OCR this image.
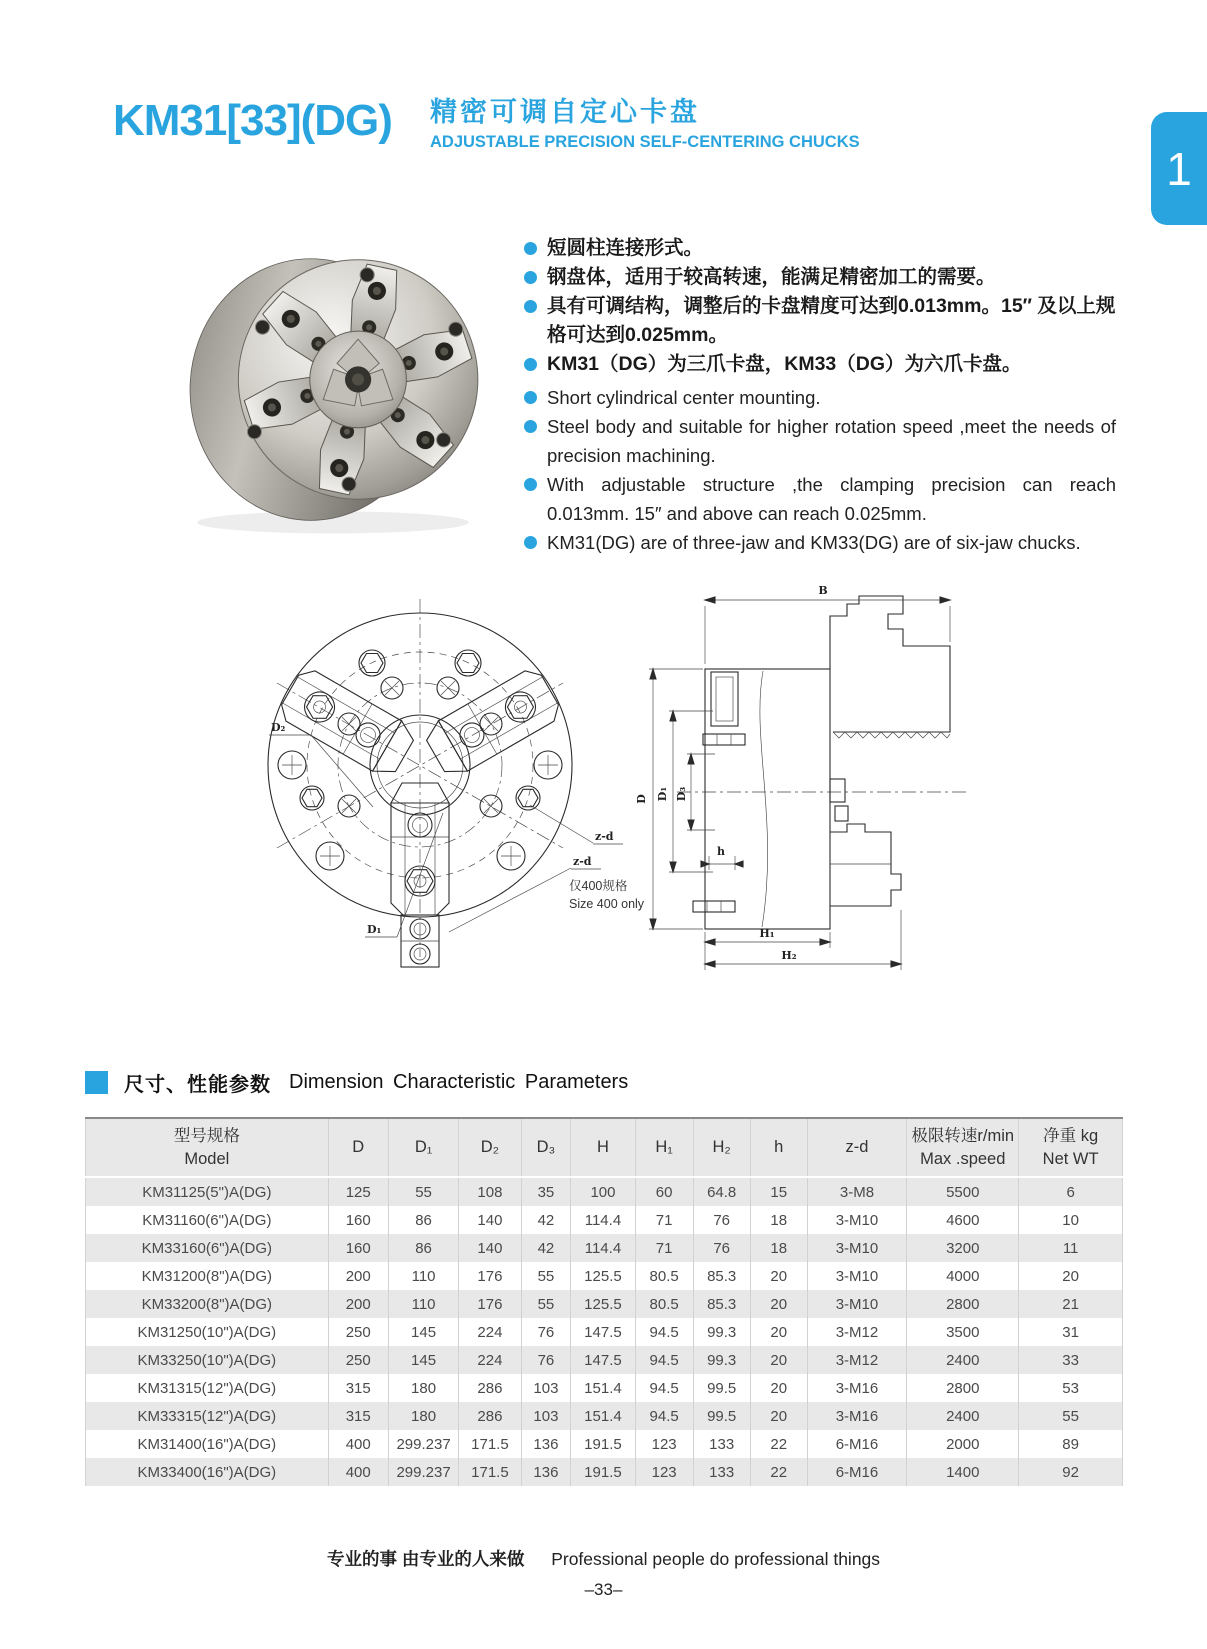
KM31[33](DG) 精密可调自定心卡盘
ADJUSTABLE PRECISION SELF-CENTERING CHUCKS
1
短圆柱连接形式。
钢盘体，适用于较高转速，能满足精密加工的需要。
具有可调结构，调整后的卡盘精度可达到0.013mm。15″ 及以上规格可达到0.025mm。
KM31（DG）为三爪卡盘，KM33（DG）为六爪卡盘。
Short cylindrical center mounting.
Steel body and suitable for higher rotation speed ,meet the needs of precision machining.
With adjustable structure ,the clamping precision can reach 0.013mm. 15″ and above can reach 0.025mm.
KM31(DG) are of three-jaw and KM33(DG) are of six-jaw chucks.
D₂
D₁
z-d
z-d
仅400规格
Size 400 only
B
D D₁ D₃
h
H₁
H₂
尺寸、性能参数 Dimension Characteristic Parameters
型号规格
Model

D	D₁	D₂	D₃	H	H₁	H₂	h	z-d

极限转速r/min
Max .speed

净重 kg
Net WT

KM31125(5")A(DG)	125	55	108	35	100	60	64.8	15	3-M8	5500	6
KM31160(6")A(DG)	160	86	140	42	114.4	71	76	18	3-M10	4600	10
KM33160(6")A(DG)	160	86	140	42	114.4	71	76	18	3-M10	3200	11
KM31200(8")A(DG)	200	110	176	55	125.5	80.5	85.3	20	3-M10	4000	20
KM33200(8")A(DG)	200	110	176	55	125.5	80.5	85.3	20	3-M10	2800	21
KM31250(10")A(DG)	250	145	224	76	147.5	94.5	99.3	20	3-M12	3500	31
KM33250(10")A(DG)	250	145	224	76	147.5	94.5	99.3	20	3-M12	2400	33
KM31315(12")A(DG)	315	180	286	103	151.4	94.5	99.5	20	3-M16	2800	53
KM33315(12")A(DG)	315	180	286	103	151.4	94.5	99.5	20	3-M16	2400	55
KM31400(16")A(DG)	400	299.237	171.5	136	191.5	123	133	22	6-M16	2000	89
KM33400(16")A(DG)	400	299.237	171.5	136	191.5	123	133	22	6-M16	1400	92
专业的事 由专业的人来做 Professional people do professional things
–33–
